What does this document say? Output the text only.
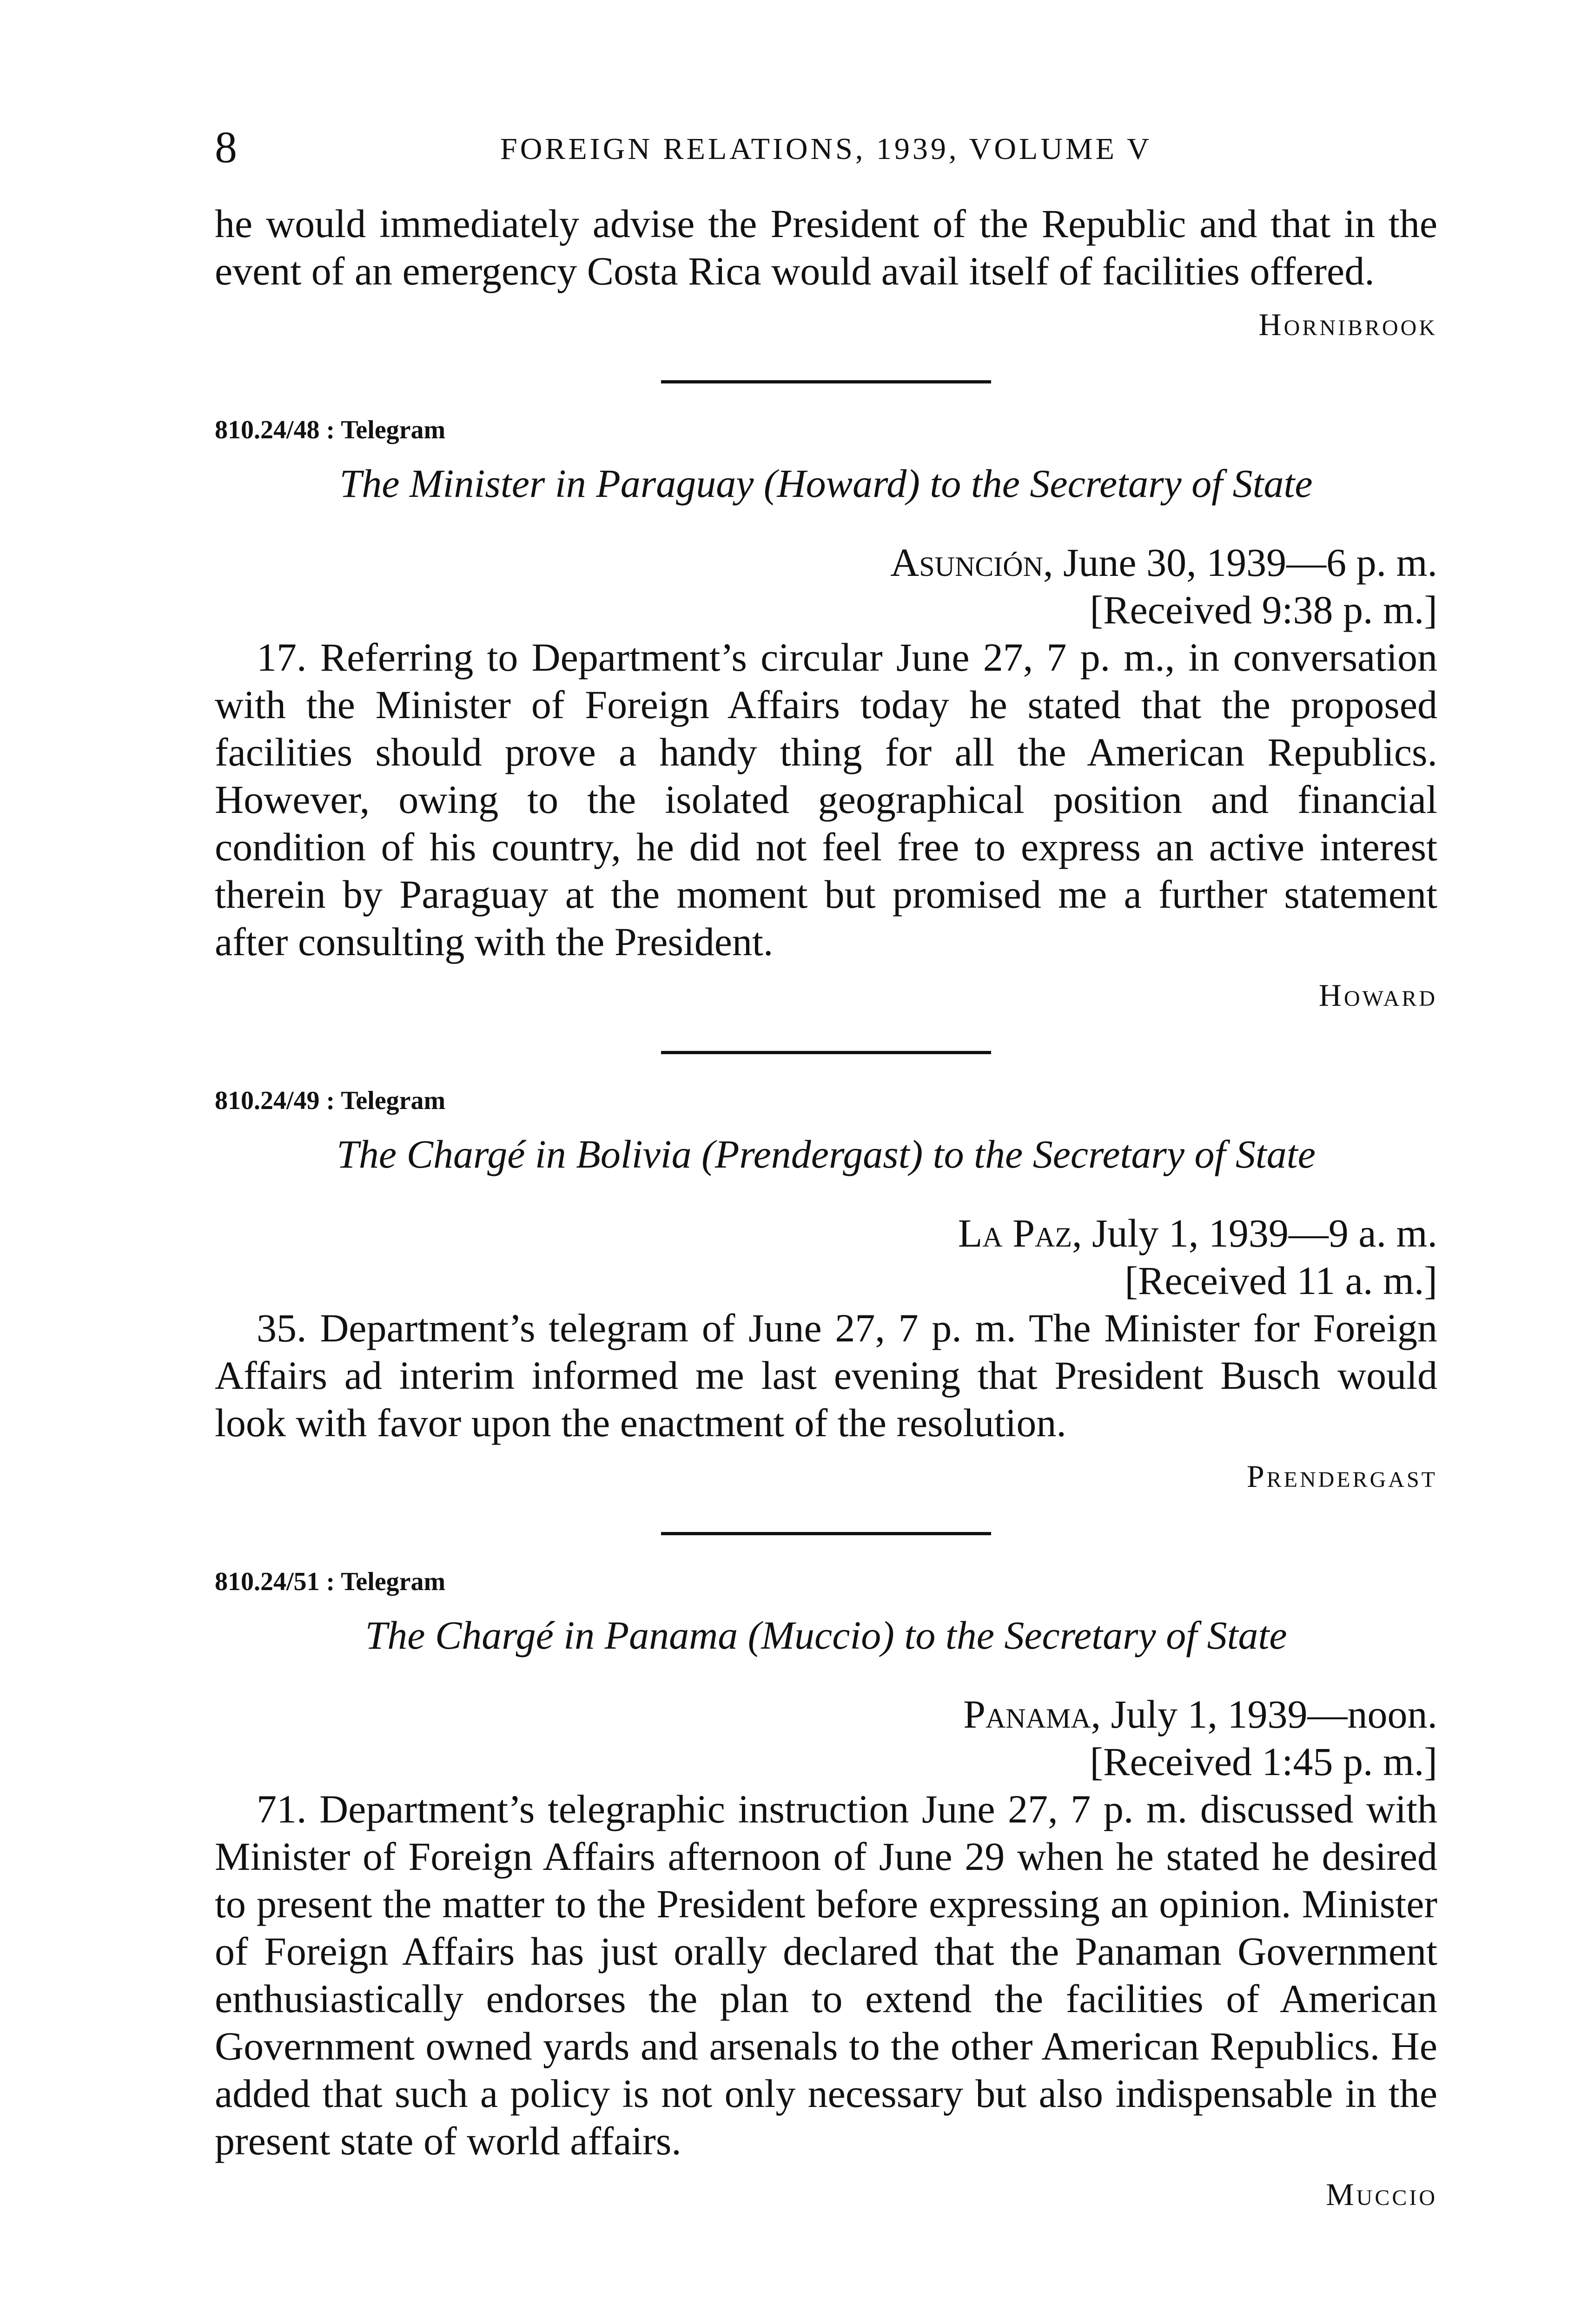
8	FOREIGN RELATIONS, 1939, VOLUME V

he would immediately advise the President of the Republic and that in the event of an emergency Costa Rica would avail itself of facilities offered.

Hornibrook

810.24/48 : Telegram

The Minister in Paraguay (Howard) to the Secretary of State

Asunción, June 30, 1939—6 p. m.

[Received 9:38 p. m.]

17. Referring to Department’s circular June 27, 7 p. m., in conversation with the Minister of Foreign Affairs today he stated that the proposed facilities should prove a handy thing for all the American Republics. However, owing to the isolated geographical position and financial condition of his country, he did not feel free to express an active interest therein by Paraguay at the moment but promised me a further statement after consulting with the President.

Howard

810.24/49 : Telegram

The Chargé in Bolivia (Prendergast) to the Secretary of State

La Paz, July 1, 1939—9 a. m.

[Received 11 a. m.]

35. Department’s telegram of June 27, 7 p. m. The Minister for Foreign Affairs ad interim informed me last evening that President Busch would look with favor upon the enactment of the resolution.

Prendergast

810.24/51 : Telegram

The Chargé in Panama (Muccio) to the Secretary of State

Panama, July 1, 1939—noon.

[Received 1:45 p. m.]

71. Department’s telegraphic instruction June 27, 7 p. m. discussed with Minister of Foreign Affairs afternoon of June 29 when he stated he desired to present the matter to the President before expressing an opinion. Minister of Foreign Affairs has just orally declared that the Panaman Government enthusiastically endorses the plan to extend the facilities of American Government owned yards and arsenals to the other American Republics. He added that such a policy is not only necessary but also indispensable in the present state of world affairs.

Muccio
